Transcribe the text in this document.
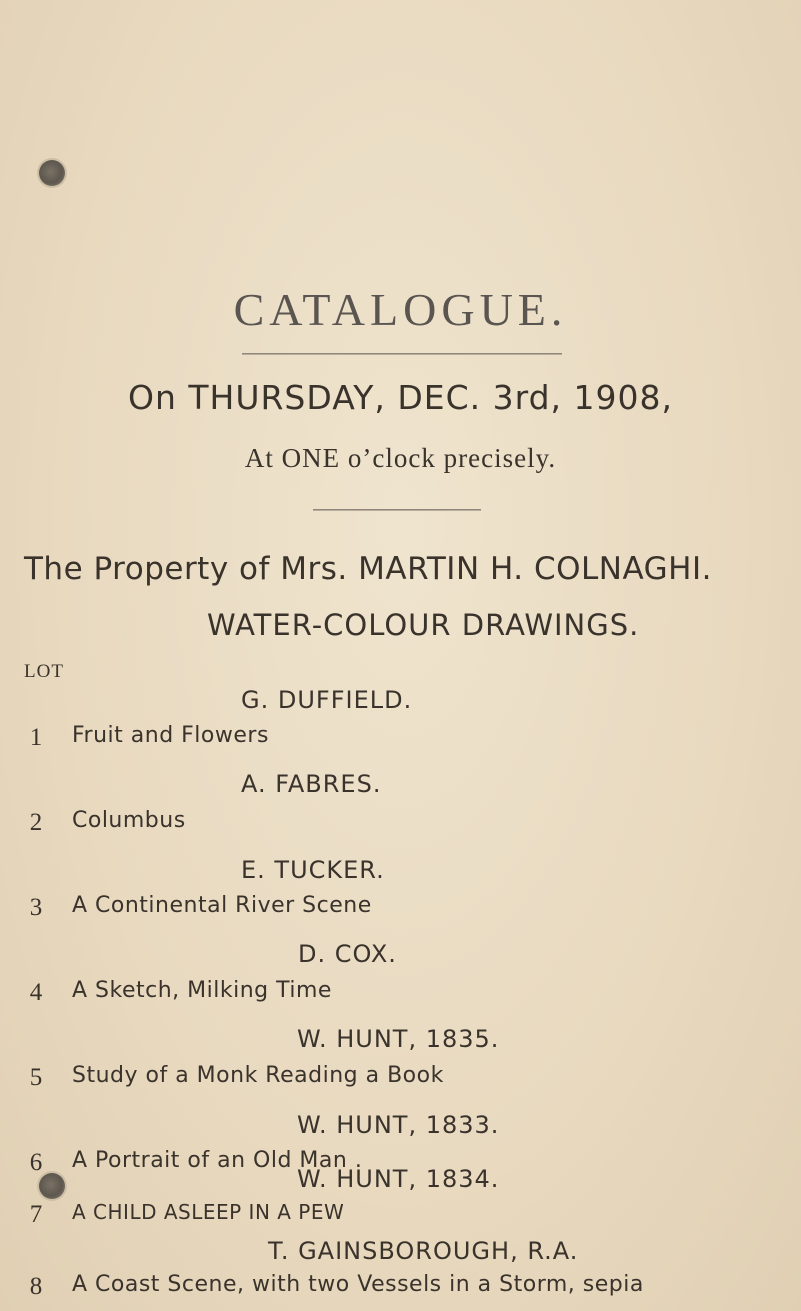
CATALOGUE.
On THURSDAY, DEC. 3rd, 1908,
At ONE o’clock precisely.
The Property of Mrs. MARTIN H. COLNAGHI.
WATER-COLOUR DRAWINGS.
LOT
G. DUFFIELD.
1 Fruit and Flowers
A. FABRES.
2 Columbus
E. TUCKER.
3 A Continental River Scene
D. COX.
4 A Sketch, Milking Time
W. HUNT, 1835.
5 Study of a Monk Reading a Book
W. HUNT, 1833.
6 A Portrait of an Old Man .
W. HUNT, 1834.
7 A CHILD ASLEEP IN A PEW
T. GAINSBOROUGH, R.A.
8 A Coast Scene, with two Vessels in a Storm, sepia
